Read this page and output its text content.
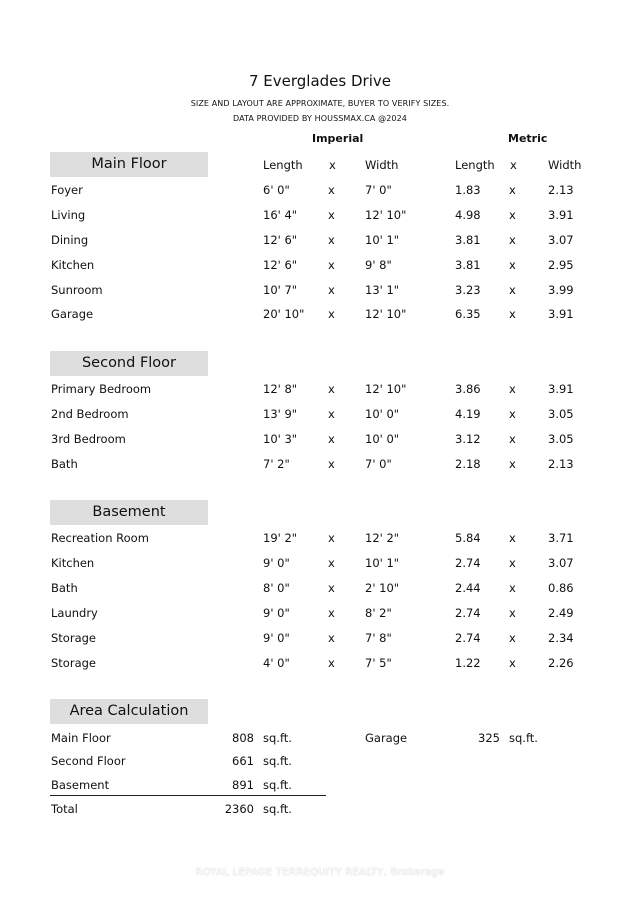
7 Everglades Drive
SIZE AND LAYOUT ARE APPROXIMATE, BUYER TO VERIFY SIZES.
DATA PROVIDED BY HOUSSMAX.CA @2024
Imperial	Metric
Main Floor	Length x	Width	Length x	Width
Foyer	6' 0"	x	7' 0"	1.83 x	2.13
Living	16' 4"	x	12' 10"	4.98 x	3.91
Dining	12' 6"	x	10' 1"	3.81 x	3.07
Kitchen	12' 6"	x	9' 8"	3.81 x	2.95
Sunroom	10' 7"	x	13' 1"	3.23 x	3.99
Garage	20' 10" x	12' 10"	6.35 x	3.91
Second Floor
Primary Bedroom	12' 8"	x	12' 10"	3.86 x	3.91
2nd Bedroom	13' 9"	x	10' 0"	4.19 x	3.05
3rd Bedroom	10' 3"	x	10' 0"	3.12 x	3.05
Bath	7' 2"	x	7' 0"	2.18 x	2.13
Basement
Recreation Room	19' 2"	x	12' 2"	5.84 x	3.71
Kitchen	9' 0"	x	10' 1"	2.74 x	3.07
Bath	8' 0"	x	2' 10"	2.44 x	0.86
Laundry	9' 0"	x	8' 2"	2.74 x	2.49
Storage	9' 0"	x	7' 8"	2.74 x	2.34
Storage	4' 0"	x	7' 5"	1.22 x	2.26
Area Calculation
Main Floor	808 sq.ft.	Garage	325 sq.ft.
Second Floor	661 sq.ft.
Basement	891 sq.ft.
Total	2360 sq.ft.
ROYAL LEPAGE TERREQUITY REALTY, Brokerage
